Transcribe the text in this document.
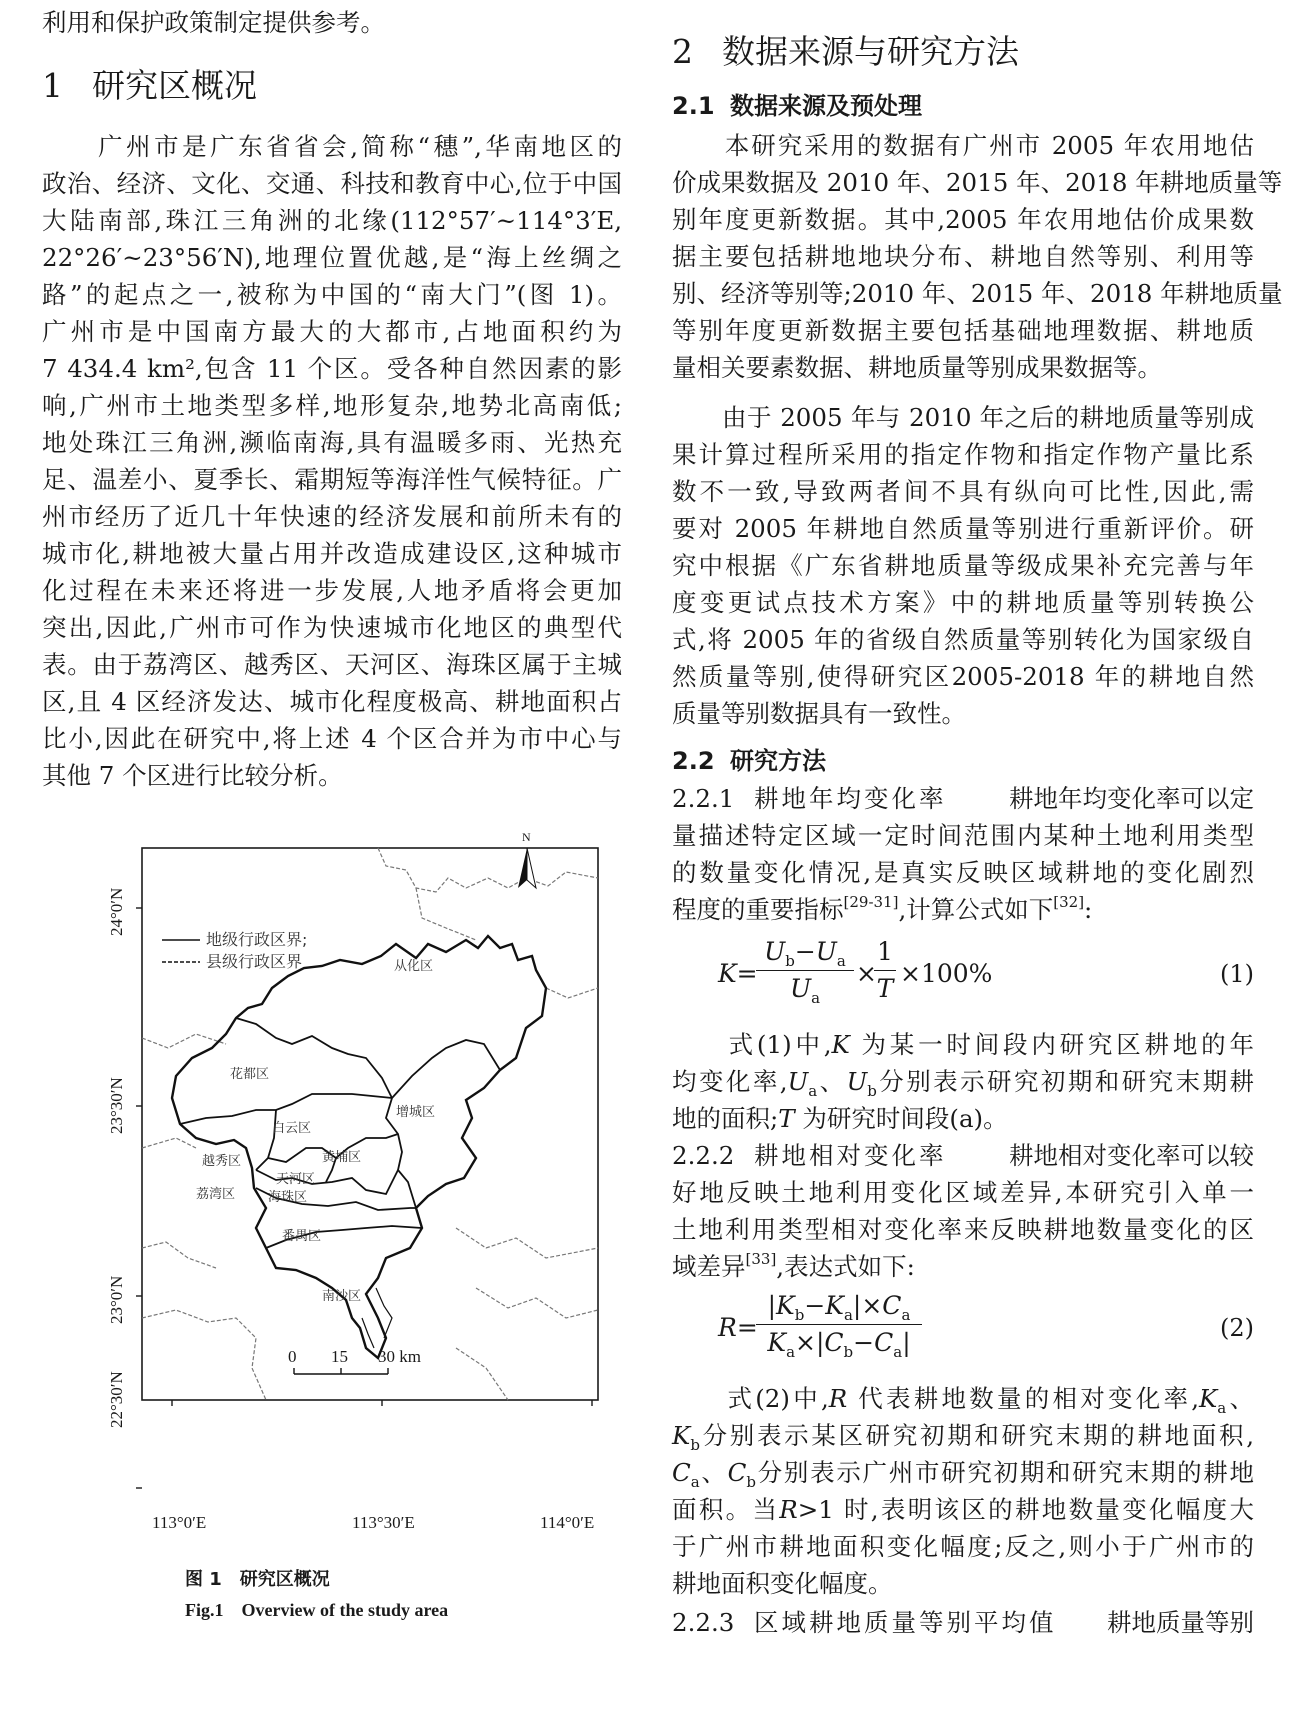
利用和保护政策制定提供参考。
1 研究区概况
　　广州市是广东省省会,简称“穗”,华南地区的
政治、经济、文化、交通、科技和教育中心,位于中国
大陆南部,珠江三角洲的北缘(112°57′~114°3′E,
22°26′~23°56′N),地理位置优越,是“海上丝绸之
路”的起点之一,被称为中国的“南大门”(图 1)。
广州市是中国南方最大的大都市,占地面积约为
7 434.4 km²,包含 11 个区。受各种自然因素的影
响,广州市土地类型多样,地形复杂,地势北高南低;
地处珠江三角洲,濒临南海,具有温暖多雨、光热充
足、温差小、夏季长、霜期短等海洋性气候特征。广
州市经历了近几十年快速的经济发展和前所未有的
城市化,耕地被大量占用并改造成建设区,这种城市
化过程在未来还将进一步发展,人地矛盾将会更加
突出,因此,广州市可作为快速城市化地区的典型代
表。由于荔湾区、越秀区、天河区、海珠区属于主城
区,且 4 区经济发达、城市化程度极高、耕地面积占
比小,因此在研究中,将上述 4 个区合并为市中心与
其他 7 个区进行比较分析。
地级行政区界;
县级行政区界
N
从化区
花都区
增城区
白云区
黄埔区
越秀区
天河区
荔湾区	海珠区
番禺区
南沙区
0 15 30 km
24°0′N
23°30′N
23°0′N
22°30′N
113°0′E	113°30′E	114°0′E
图 1　研究区概况
Fig.1　Overview of the study area
2 数据来源与研究方法
2.1 数据来源及预处理
　　本研究采用的数据有广州市 2005 年农用地估
价成果数据及 2010 年、2015 年、2018 年耕地质量等
别年度更新数据。其中,2005 年农用地估价成果数
据主要包括耕地地块分布、耕地自然等别、利用等
别、经济等别等;2010 年、2015 年、2018 年耕地质量
等别年度更新数据主要包括基础地理数据、耕地质
量相关要素数据、耕地质量等别成果数据等。
　　由于 2005 年与 2010 年之后的耕地质量等别成
果计算过程所采用的指定作物和指定作物产量比系
数不一致,导致两者间不具有纵向可比性,因此,需
要对 2005 年耕地自然质量等别进行重新评价。研
究中根据《广东省耕地质量等级成果补充完善与年
度变更试点技术方案》中的耕地质量等别转换公
式,将 2005 年的省级自然质量等别转化为国家级自
然质量等别,使得研究区2005-2018 年的耕地自然
质量等别数据具有一致性。
2.2 研究方法
2.2.1 耕地年均变化率	耕地年均变化率可以定
量描述特定区域一定时间范围内某种土地利用类型
的数量变化情况,是真实反映区域耕地的变化剧烈
程度的重要指标[29-31],计算公式如下[32]:
K=
$U_b-U_a$
$U_a$
×
1
T
×100%	(1)
　　式(1)中,K 为某一时间段内研究区耕地的年
均变化率$,U_a$、$U_b$分别表示研究初期和研究末期耕
地的面积;T 为研究时间段(a)。
2.2.2 耕地相对变化率	耕地相对变化率可以较
好地反映土地利用变化区域差异,本研究引入单一
土地利用类型相对变化率来反映耕地数量变化的区
域差异[33],表达式如下:
R=
$|K_b-K_a|\times C_a$
$K_a\times|C_b-C_a|$	(2)
　　式(2)中,R 代表耕地数量的相对变化率$,K_a$、
$K_b$分别表示某区研究初期和研究末期的耕地面积,
$C_a$、$C_b$分别表示广州市研究初期和研究末期的耕地
面积。当R>1 时,表明该区的耕地数量变化幅度大
于广州市耕地面积变化幅度;反之,则小于广州市的
耕地面积变化幅度。
2.2.3 区域耕地质量等别平均值 耕地质量等别
